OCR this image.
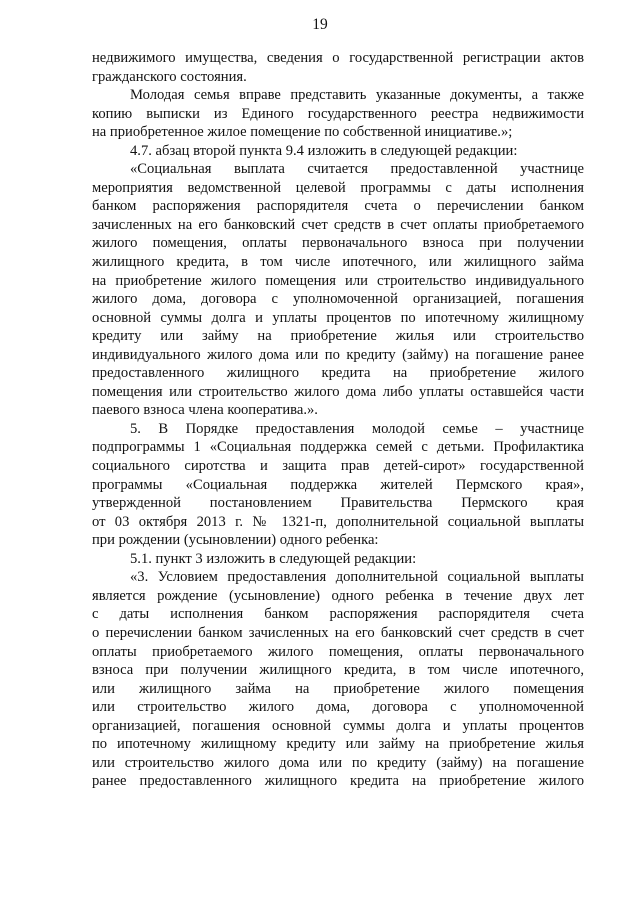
19
недвижимого имущества, сведения о государственной регистрации актов
гражданского состояния.
Молодая семья вправе представить указанные документы, а также
копию выписки из Единого государственного реестра недвижимости
на приобретенное жилое помещение по собственной инициативе.»;
4.7. абзац второй пункта 9.4 изложить в следующей редакции:
«Социальная выплата считается предоставленной участнице
мероприятия ведомственной целевой программы с даты исполнения
банком распоряжения распорядителя счета о перечислении банком
зачисленных на его банковский счет средств в счет оплаты приобретаемого
жилого помещения, оплаты первоначального взноса при получении
жилищного кредита, в том числе ипотечного, или жилищного займа
на приобретение жилого помещения или строительство индивидуального
жилого дома, договора с уполномоченной организацией, погашения
основной суммы долга и уплаты процентов по ипотечному жилищному
кредиту или займу на приобретение жилья или строительство
индивидуального жилого дома или по кредиту (займу) на погашение ранее
предоставленного жилищного кредита на приобретение жилого
помещения или строительство жилого дома либо уплаты оставшейся части
паевого взноса члена кооператива.».
5. В Порядке предоставления молодой семье – участнице
подпрограммы 1 «Социальная поддержка семей с детьми. Профилактика
социального сиротства и защита прав детей-сирот» государственной
программы «Социальная поддержка жителей Пермского края»,
утвержденной постановлением Правительства Пермского края
от 03 октября 2013 г. № 1321-п, дополнительной социальной выплаты
при рождении (усыновлении) одного ребенка:
5.1. пункт 3 изложить в следующей редакции:
«3. Условием предоставления дополнительной социальной выплаты
является рождение (усыновление) одного ребенка в течение двух лет
с даты исполнения банком распоряжения распорядителя счета
о перечислении банком зачисленных на его банковский счет средств в счет
оплаты приобретаемого жилого помещения, оплаты первоначального
взноса при получении жилищного кредита, в том числе ипотечного,
или жилищного займа на приобретение жилого помещения
или строительство жилого дома, договора с уполномоченной
организацией, погашения основной суммы долга и уплаты процентов
по ипотечному жилищному кредиту или займу на приобретение жилья
или строительство жилого дома или по кредиту (займу) на погашение
ранее предоставленного жилищного кредита на приобретение жилого
